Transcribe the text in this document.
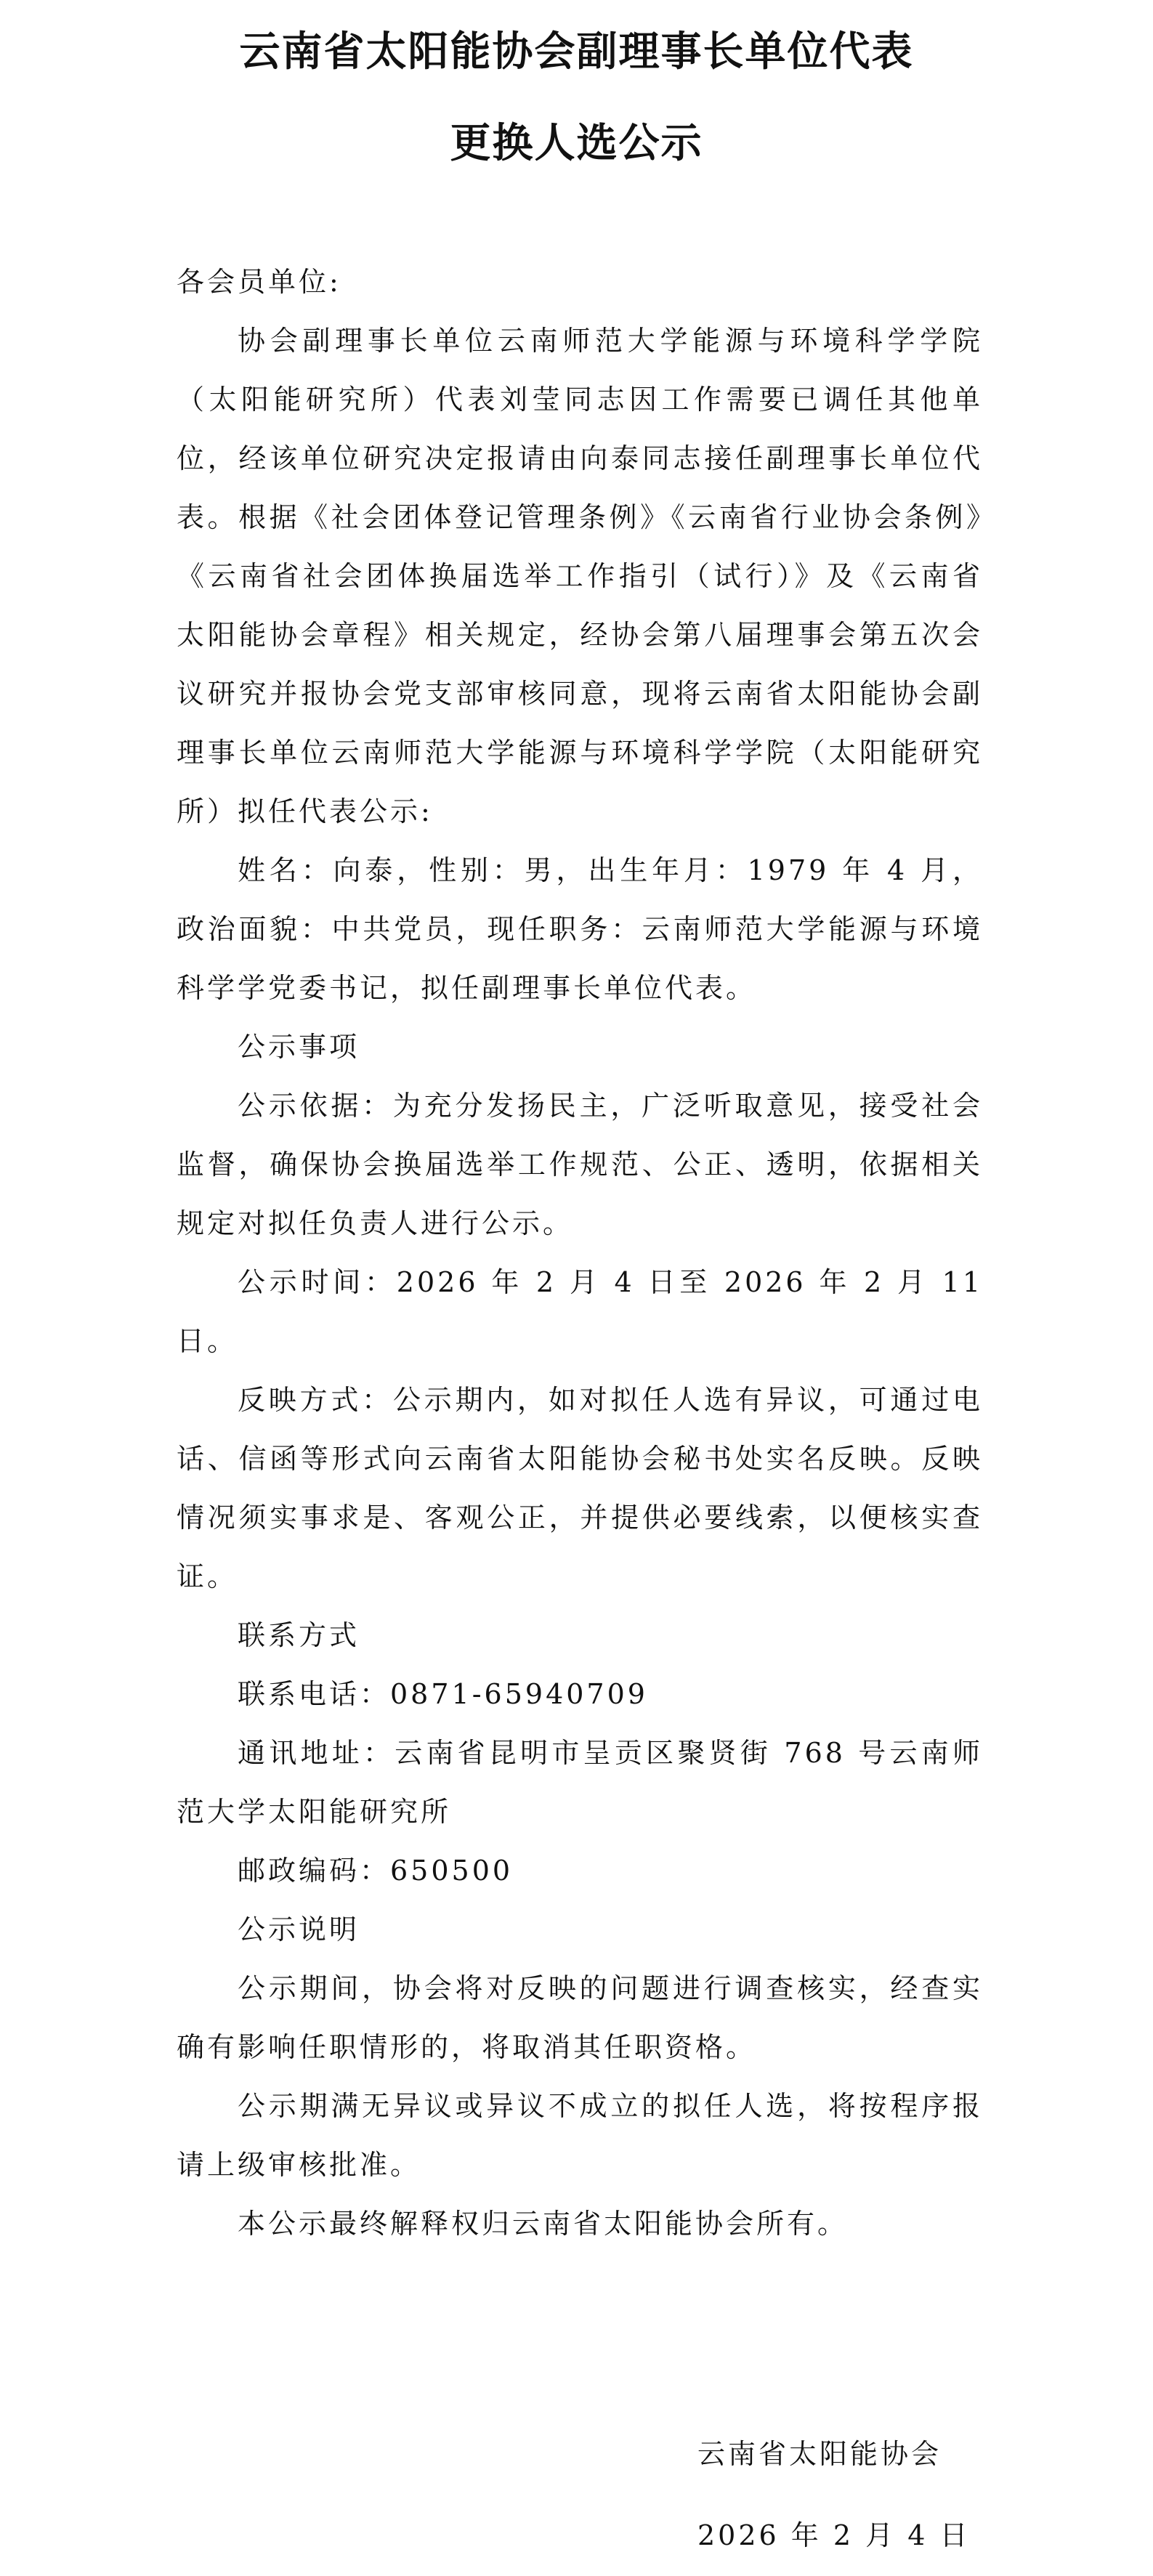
云南省太阳能协会副理事长单位代表
更换人选公示

各会员单位:

协会副理事长单位云南师范大学能源与环境科学学院（太阳能研究所）代表刘莹同志因工作需要已调任其他单位，经该单位研究决定报请由向泰同志接任副理事长单位代表。根据《社会团体登记管理条例》《云南省行业协会条例》《云南省社会团体换届选举工作指引（试行）》及《云南省太阳能协会章程》相关规定，经协会第八届理事会第五次会议研究并报协会党支部审核同意，现将云南省太阳能协会副理事长单位云南师范大学能源与环境科学学院（太阳能研究所）拟任代表公示:

姓名：向泰，性别：男，出生年月：1979 年 4 月，政治面貌：中共党员，现任职务：云南师范大学能源与环境科学学党委书记，拟任副理事长单位代表。

公示事项

公示依据：为充分发扬民主，广泛听取意见，接受社会监督，确保协会换届选举工作规范、公正、透明，依据相关规定对拟任负责人进行公示。

公示时间：2026 年 2 月 4 日至 2026 年 2 月 11 日。

反映方式：公示期内，如对拟任人选有异议，可通过电话、信函等形式向云南省太阳能协会秘书处实名反映。反映情况须实事求是、客观公正，并提供必要线索，以便核实查证。

联系方式

联系电话：0871-65940709

通讯地址：云南省昆明市呈贡区聚贤街 768 号云南师范大学太阳能研究所

邮政编码：650500

公示说明

公示期间，协会将对反映的问题进行调查核实，经查实确有影响任职情形的，将取消其任职资格。

公示期满无异议或异议不成立的拟任人选，将按程序报请上级审核批准。

本公示最终解释权归云南省太阳能协会所有。

云南省太阳能协会
2026 年 2 月 4 日
